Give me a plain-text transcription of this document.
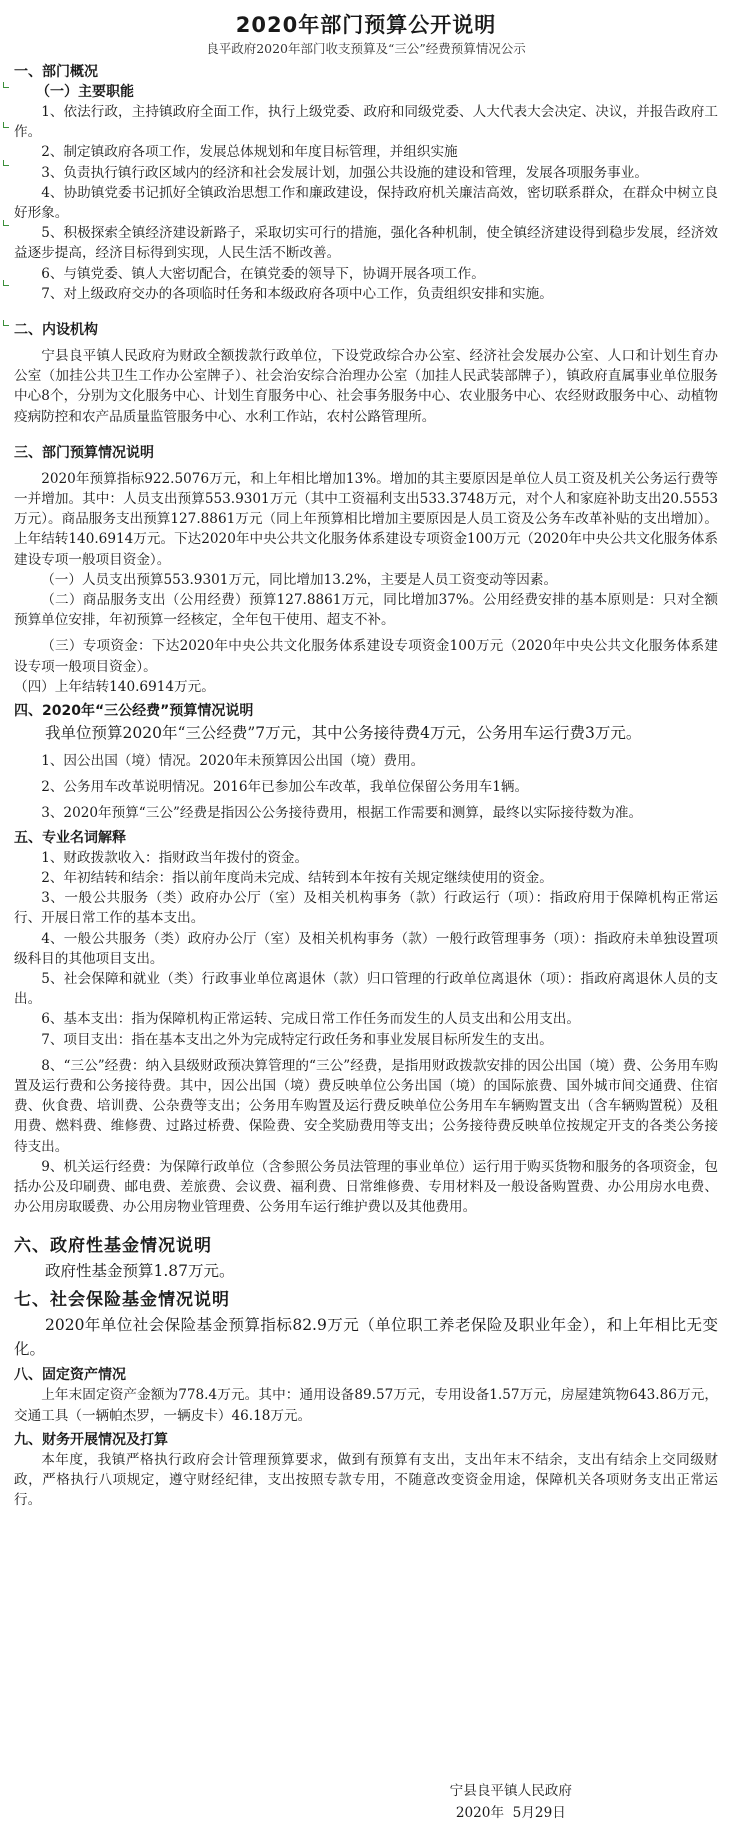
2020年部门预算公开说明
良平政府2020年部门收支预算及“三公”经费预算情况公示
一、部门概况
（一）主要职能

1、依法行政，主持镇政府全面工作，执行上级党委、政府和同级党委、人大代表大会决定、决议，并报告政府工作。

2、制定镇政府各项工作，发展总体规划和年度目标管理，并组织实施

3、负责执行镇行政区域内的经济和社会发展计划，加强公共设施的建设和管理，发展各项服务事业。

4、协助镇党委书记抓好全镇政治思想工作和廉政建设，保持政府机关廉洁高效，密切联系群众，在群众中树立良好形象。

5、积极探索全镇经济建设新路子，采取切实可行的措施，强化各种机制，使全镇经济建设得到稳步发展，经济效益逐步提高，经济目标得到实现，人民生活不断改善。

6、与镇党委、镇人大密切配合，在镇党委的领导下，协调开展各项工作。

7、对上级政府交办的各项临时任务和本级政府各项中心工作，负责组织安排和实施。

二、内设机构

宁县良平镇人民政府为财政全额拨款行政单位，下设党政综合办公室、经济社会发展办公室、人口和计划生育办公室（加挂公共卫生工作办公室牌子）、社会治安综合治理办公室（加挂人民武装部牌子），镇政府直属事业单位服务中心8个，分别为文化服务中心、计划生育服务中心、社会事务服务中心、农业服务中心、农经财政服务中心、动植物疫病防控和农产品质量监管服务中心、水利工作站，农村公路管理所。

三、部门预算情况说明

2020年预算指标922.5076万元，和上年相比增加13%。增加的其主要原因是单位人员工资及机关公务运行费等一并增加。其中：人员支出预算553.9301万元（其中工资福利支出533.3748万元，对个人和家庭补助支出20.5553万元）。商品服务支出预算127.8861万元（同上年预算相比增加主要原因是人员工资及公务车改革补贴的支出增加）。上年结转140.6914万元。下达2020年中央公共文化服务体系建设专项资金100万元（2020年中央公共文化服务体系建设专项一般项目资金）。

（一）人员支出预算553.9301万元，同比增加13.2%，主要是人员工资变动等因素。

（二）商品服务支出（公用经费）预算127.8861万元，同比增加37%。公用经费安排的基本原则是：只对全额预算单位安排，年初预算一经核定，全年包干使用、超支不补。

（三）专项资金：下达2020年中央公共文化服务体系建设专项资金100万元（2020年中央公共文化服务体系建设专项一般项目资金）。

（四）上年结转140.6914万元。

四、2020年“三公经费”预算情况说明

我单位预算2020年“三公经费”7万元，其中公务接待费4万元，公务用车运行费3万元。

1、因公出国（境）情况。2020年未预算因公出国（境）费用。

2、公务用车改革说明情况。2016年已参加公车改革，我单位保留公务用车1辆。

3、2020年预算“三公”经费是指因公公务接待费用，根据工作需要和测算，最终以实际接待数为准。

五、专业名词解释

1、财政拨款收入：指财政当年拨付的资金。

2、年初结转和结余：指以前年度尚未完成、结转到本年按有关规定继续使用的资金。

3、一般公共服务（类）政府办公厅（室）及相关机构事务（款）行政运行（项）：指政府用于保障机构正常运行、开展日常工作的基本支出。

4、一般公共服务（类）政府办公厅（室）及相关机构事务（款）一般行政管理事务（项）：指政府未单独设置项级科目的其他项目支出。

5、社会保障和就业（类）行政事业单位离退休（款）归口管理的行政单位离退休（项）：指政府离退休人员的支出。

6、基本支出：指为保障机构正常运转、完成日常工作任务而发生的人员支出和公用支出。

7、项目支出：指在基本支出之外为完成特定行政任务和事业发展目标所发生的支出。

8、“三公”经费：纳入县级财政预决算管理的“三公”经费，是指用财政拨款安排的因公出国（境）费、公务用车购置及运行费和公务接待费。其中，因公出国（境）费反映单位公务出国（境）的国际旅费、国外城市间交通费、住宿费、伙食费、培训费、公杂费等支出；公务用车购置及运行费反映单位公务用车车辆购置支出（含车辆购置税）及租用费、燃料费、维修费、过路过桥费、保险费、安全奖励费用等支出；公务接待费反映单位按规定开支的各类公务接待支出。

9、机关运行经费：为保障行政单位（含参照公务员法管理的事业单位）运行用于购买货物和服务的各项资金，包括办公及印刷费、邮电费、差旅费、会议费、福利费、日常维修费、专用材料及一般设备购置费、办公用房水电费、办公用房取暖费、办公用房物业管理费、公务用车运行维护费以及其他费用。

六、政府性基金情况说明

政府性基金预算1.87万元。

七、社会保险基金情况说明

2020年单位社会保险基金预算指标82.9万元（单位职工养老保险及职业年金），和上年相比无变化。

八、固定资产情况

上年末固定资产金额为778.4万元。其中：通用设备89.57万元，专用设备1.57万元，房屋建筑物643.86万元，交通工具（一辆帕杰罗，一辆皮卡）46.18万元。

九、财务开展情况及打算

本年度，我镇严格执行政府会计管理预算要求，做到有预算有支出，支出年末不结余，支出有结余上交同级财政，严格执行八项规定，遵守财经纪律，支出按照专款专用，不随意改变资金用途，保障机关各项财务支出正常运行。

宁县良平镇人民政府
2020年  5月29日
